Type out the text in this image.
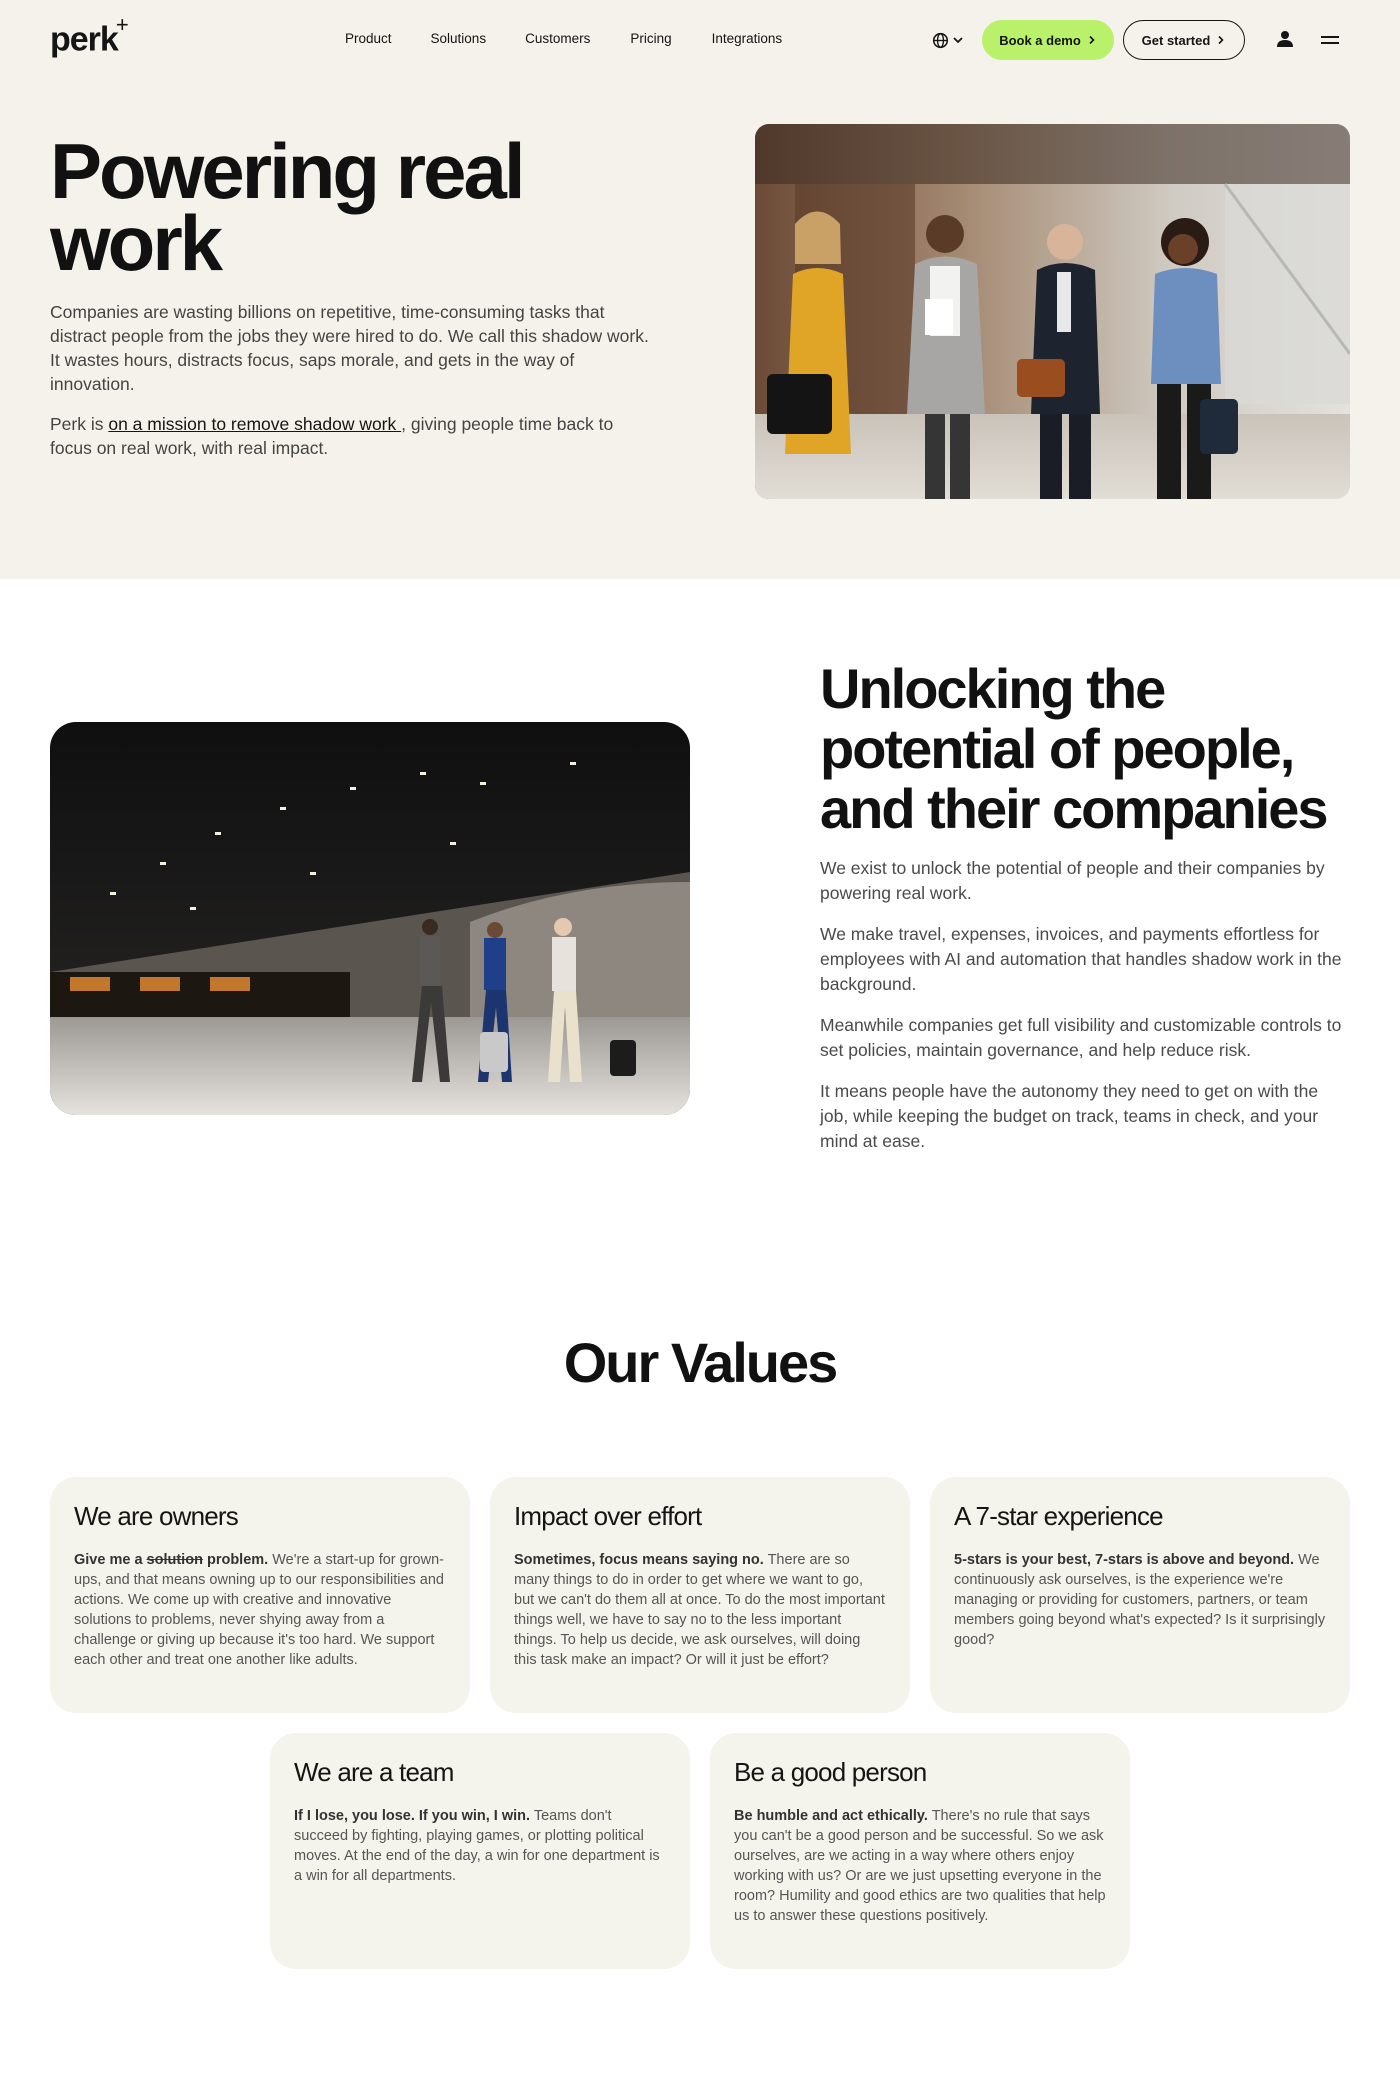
perk+
Product	Solutions	Customers	Pricing	Integrations	Book a demo	Get started
Powering real work

Companies are wasting billions on repetitive, time-consuming tasks that distract people from the jobs they were hired to do. We call this shadow work. It wastes hours, distracts focus, saps morale, and gets in the way of innovation.

Perk is on a mission to remove shadow work , giving people time back to focus on real work, with real impact.

Unlocking the potential of people, and their companies

We exist to unlock the potential of people and their companies by powering real work.

We make travel, expenses, invoices, and payments effortless for employees with AI and automation that handles shadow work in the background.

Meanwhile companies get full visibility and customizable controls to set policies, maintain governance, and help reduce risk.

It means people have the autonomy they need to get on with the job, while keeping the budget on track, teams in check, and your mind at ease.

Our Values
We are owners

Give me a solution problem. We're a start-up for grown-ups, and that means owning up to our responsibilities and actions. We come up with creative and innovative solutions to problems, never shying away from a challenge or giving up because it's too hard. We support each other and treat one another like adults.

Impact over effort

Sometimes, focus means saying no. There are so many things to do in order to get where we want to go, but we can't do them all at once. To do the most important things well, we have to say no to the less important things. To help us decide, we ask ourselves, will doing this task make an impact? Or will it just be effort?

A 7-star experience

5-stars is your best, 7-stars is above and beyond. We continuously ask ourselves, is the experience we're managing or providing for customers, partners, or team members going beyond what's expected? Is it surprisingly good?

We are a team

If I lose, you lose. If you win, I win. Teams don't succeed by fighting, playing games, or plotting political moves. At the end of the day, a win for one department is a win for all departments.

Be a good person

Be humble and act ethically. There's no rule that says you can't be a good person and be successful. So we ask ourselves, are we acting in a way where others enjoy working with us? Or are we just upsetting everyone in the room? Humility and good ethics are two qualities that help us to answer these questions positively.
